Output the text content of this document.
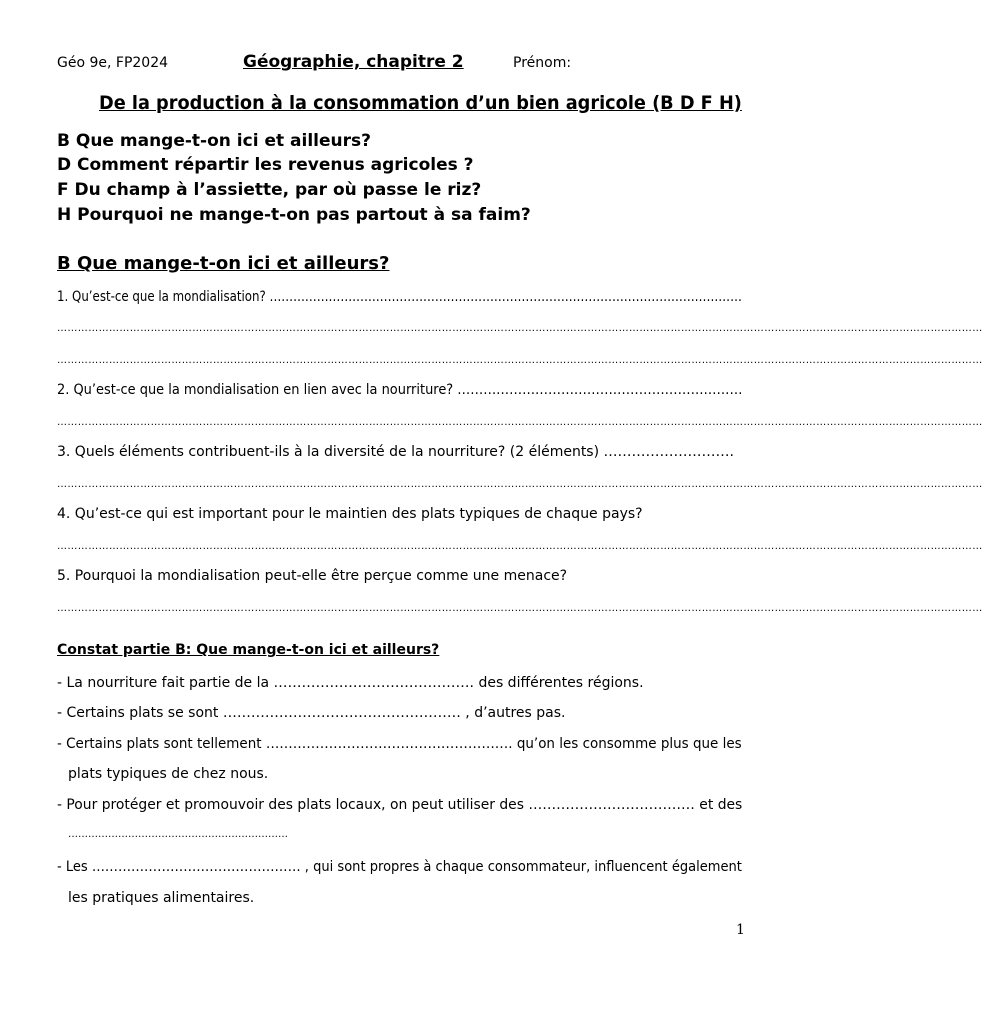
Géo 9e, FP2024	Géographie, chapitre 2	Prénom:
De la production à la consommation d’un bien agricole (B D F H)
B Que mange-t-on ici et ailleurs?
D Comment répartir les revenus agricoles ?
F Du champ à l’assiette, par où passe le riz?
H Pourquoi ne mange-t-on pas partout à sa faim?
B Que mange-t-on ici et ailleurs?
1. Qu’est-ce que la mondialisation? …………………………………………………………………………………………………………
……………………………………………………………………………………………………………………………………………………………………………………………………………………………………………
……………………………………………………………………………………………………………………………………………………………………………………………………………………………………………
2. Qu’est-ce que la mondialisation en lien avec la nourriture? …………………………………………………………
……………………………………………………………………………………………………………………………………………………………………………………………………………………………………………
3. Quels éléments contribuent-ils à la diversité de la nourriture? (2 éléments) ……………………….
……………………………………………………………………………………………………………………………………………………………………………………………………………………………………………
4. Qu’est-ce qui est important pour le maintien des plats typiques de chaque pays?
……………………………………………………………………………………………………………………………………………………………………………………………………………………………………………
5. Pourquoi la mondialisation peut-elle être perçue comme une menace?
……………………………………………………………………………………………………………………………………………………………………………………………………………………………………………
Constat partie B: Que mange-t-on ici et ailleurs?
- La nourriture fait partie de la ……………………………………. des différentes régions.
- Certains plats se sont …………………………………………… , d’autres pas.
- Certains plats sont tellement ………………………………………………. qu’on les consomme plus que les
plats typiques de chez nous.
- Pour protéger et promouvoir des plats locaux, on peut utiliser des ……………………………… et des
…………………………………………………………
- Les ………………………………………… , qui sont propres à chaque consommateur, influencent également
les pratiques alimentaires.
1
